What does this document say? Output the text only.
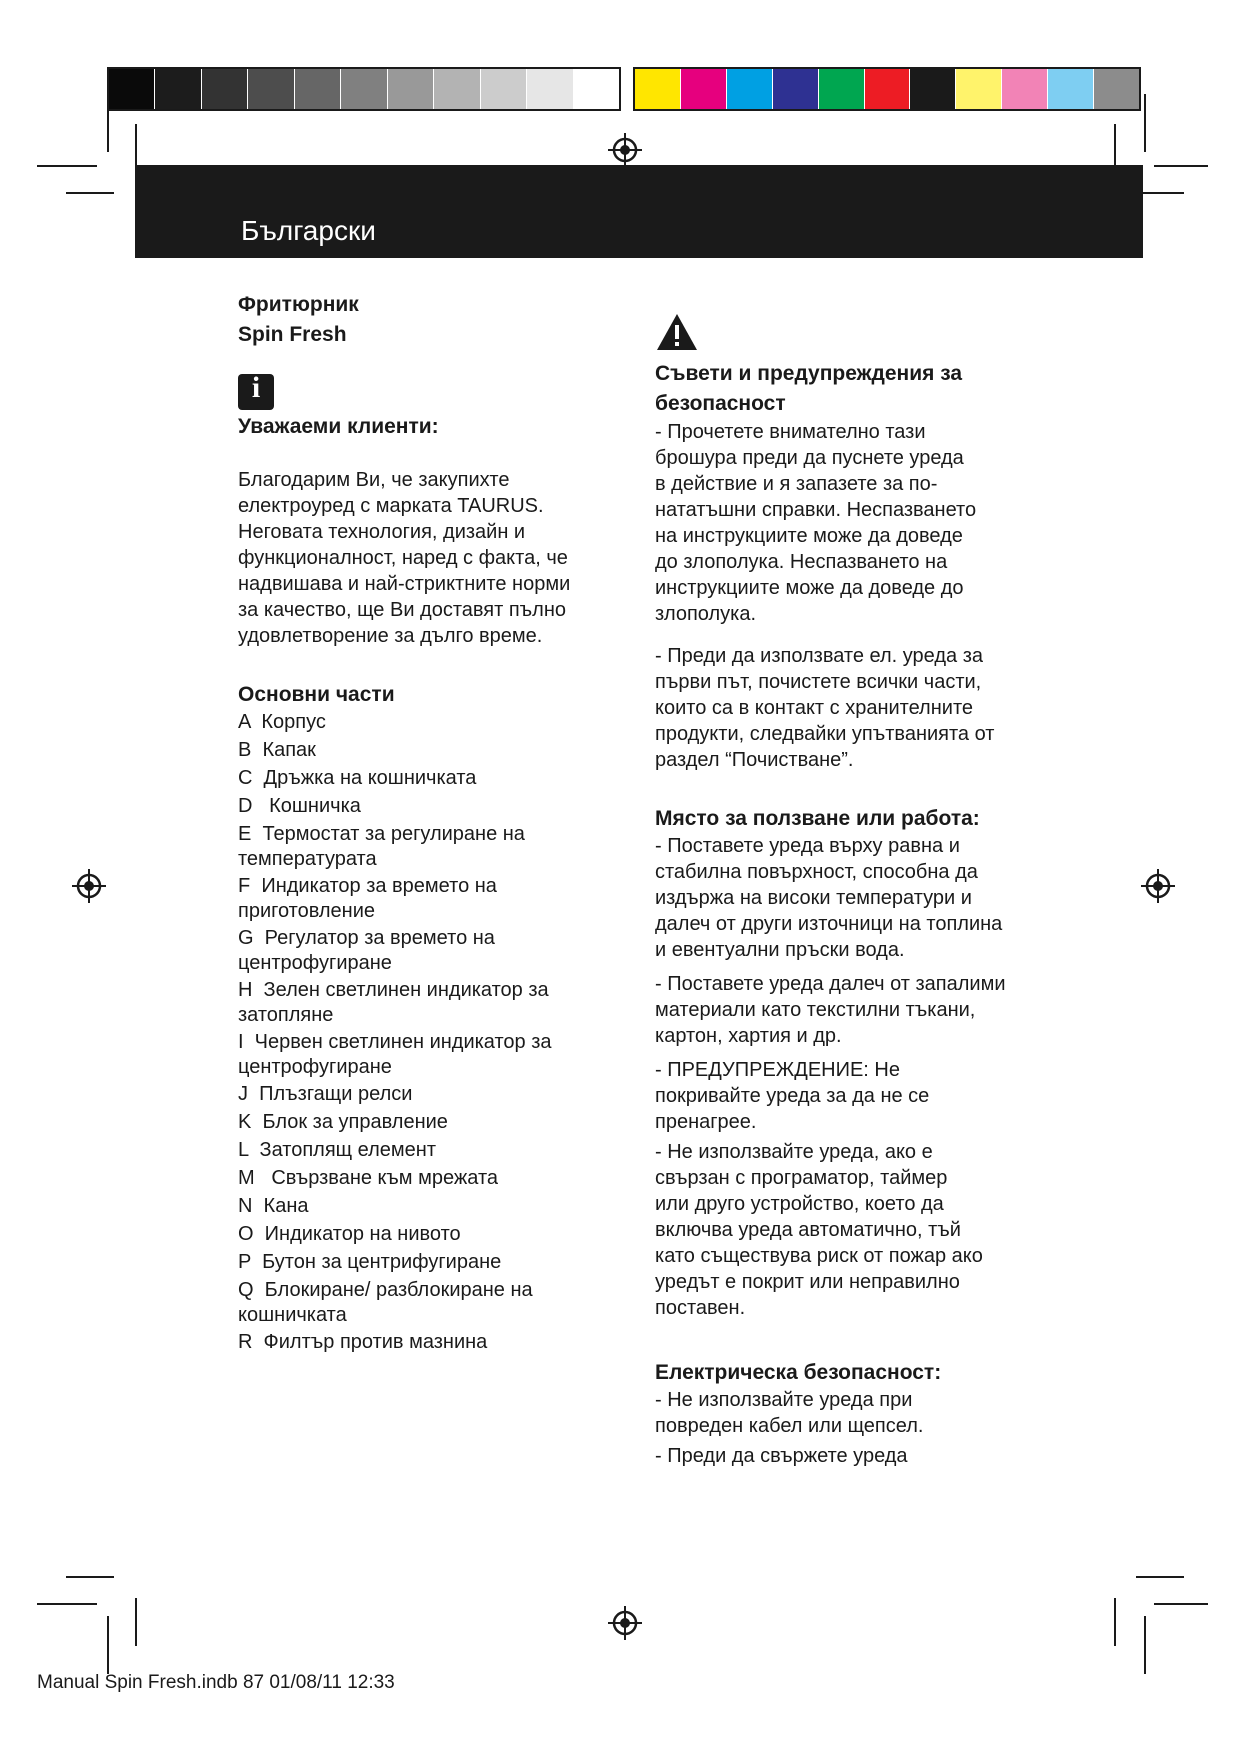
Български

Фритюрник

Spin Fresh

i

Уважаеми клиенти:

Благодарим Ви, че закупихте

електроуред с марката TAURUS.

Неговата технология, дизайн и

функционалност, наред с факта, че

надвишава и най-стриктните норми

за качество, ще Ви доставят пълно

удовлетворение за дълго време.

Основни части

A  Корпус

B  Капак

C  Дръжка на кошничката

D   Кошничка

E  Термостат за регулиране на

температурата

F  Индикатор за времето на

приготовление

G  Регулатор за времето на

центрофугиране

H  Зелен светлинен индикатор за

затопляне

I  Червен светлинен индикатор за

центрофугиране

J  Плъзгащи релси

K  Блок за управление

L  Затоплящ елемент

M   Свързване към мрежата

N  Кана

O  Индикатор на нивото

P  Бутон за центрифугиране

Q  Блокиране/ разблокиране на

кошничката

R  Филтър против мазнина

Съвети и предупреждения за

безопасност

- Прочетете внимателно тази

брошура преди да пуснете уреда

в действие и я запазете за по-

нататъшни справки. Неспазването

на инструкциите може да доведе

до злополука. Неспазването на

инструкциите може да доведе до

злополука.

- Преди да използвате ел. уреда за

първи път, почистете всички части,

които са в контакт с хранителните

продукти, следвайки упътванията от

раздел “Почистване”.

Място за ползване или работа:

- Поставете уреда върху равна и

стабилна повърхност, способна да

издържа на високи температури и

далеч от други източници на топлина

и евентуални пръски вода.

- Поставете уреда далеч от запалими

материали като текстилни тъкани,

картон, хартия и др.

- ПРЕДУПРЕЖДЕНИЕ: Не

покривайте уреда за да не се

пренагрее.

- Не използвайте уреда, ако е

свързан с програматор, таймер

или друго устройство, което да

включва уреда автоматично, тъй

като съществува риск от пожар ако

уредът е покрит или неправилно

поставен.

Електрическа безопасност:

- Не използвайте уреда при

повреден кабел или щепсел.

- Преди да свържете уреда

Manual Spin Fresh.indb 87 01/08/11 12:33
